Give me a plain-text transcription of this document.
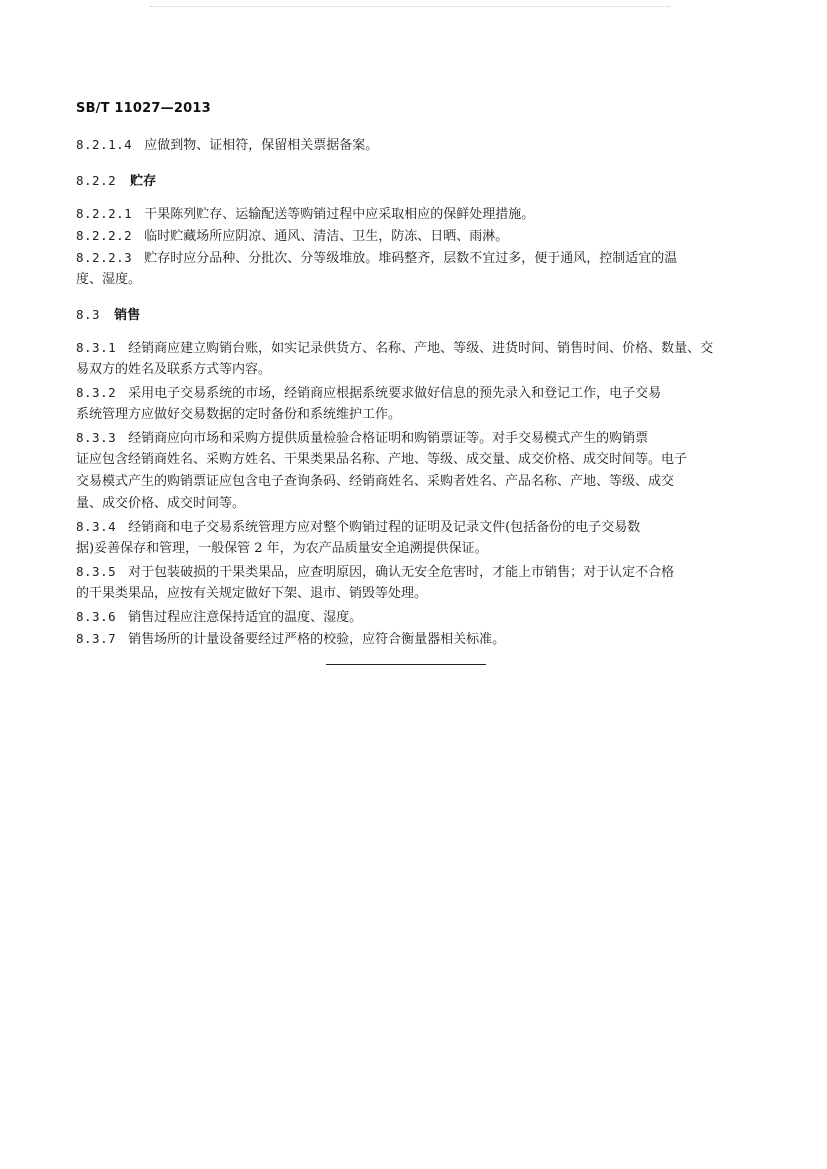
SB/T 11027—2013
8.2.1.4 应做到物、证相符，保留相关票据备案。
8.2.2 贮存
8.2.2.1 干果陈列贮存、运输配送等购销过程中应采取相应的保鲜处理措施。
8.2.2.2 临时贮藏场所应阴凉、通风、清洁、卫生，防冻、日晒、雨淋。
8.2.2.3 贮存时应分品种、分批次、分等级堆放。堆码整齐，层数不宜过多，便于通风，控制适宜的温
度、湿度。
8.3 销售
8.3.1 经销商应建立购销台账，如实记录供货方、名称、产地、等级、进货时间、销售时间、价格、数量、交
易双方的姓名及联系方式等内容。
8.3.2 采用电子交易系统的市场，经销商应根据系统要求做好信息的预先录入和登记工作，电子交易
系统管理方应做好交易数据的定时备份和系统维护工作。
8.3.3 经销商应向市场和采购方提供质量检验合格证明和购销票证等。对手交易模式产生的购销票
证应包含经销商姓名、采购方姓名、干果类果品名称、产地、等级、成交量、成交价格、成交时间等。电子
交易模式产生的购销票证应包含电子查询条码、经销商姓名、采购者姓名、产品名称、产地、等级、成交
量、成交价格、成交时间等。
8.3.4 经销商和电子交易系统管理方应对整个购销过程的证明及记录文件(包括备份的电子交易数
据)妥善保存和管理，一般保管 2 年，为农产品质量安全追溯提供保证。
8.3.5 对于包装破损的干果类果品，应查明原因，确认无安全危害时，才能上市销售；对于认定不合格
的干果类果品，应按有关规定做好下架、退市、销毁等处理。
8.3.6 销售过程应注意保持适宜的温度、湿度。
8.3.7 销售场所的计量设备要经过严格的校验，应符合衡量器相关标准。
